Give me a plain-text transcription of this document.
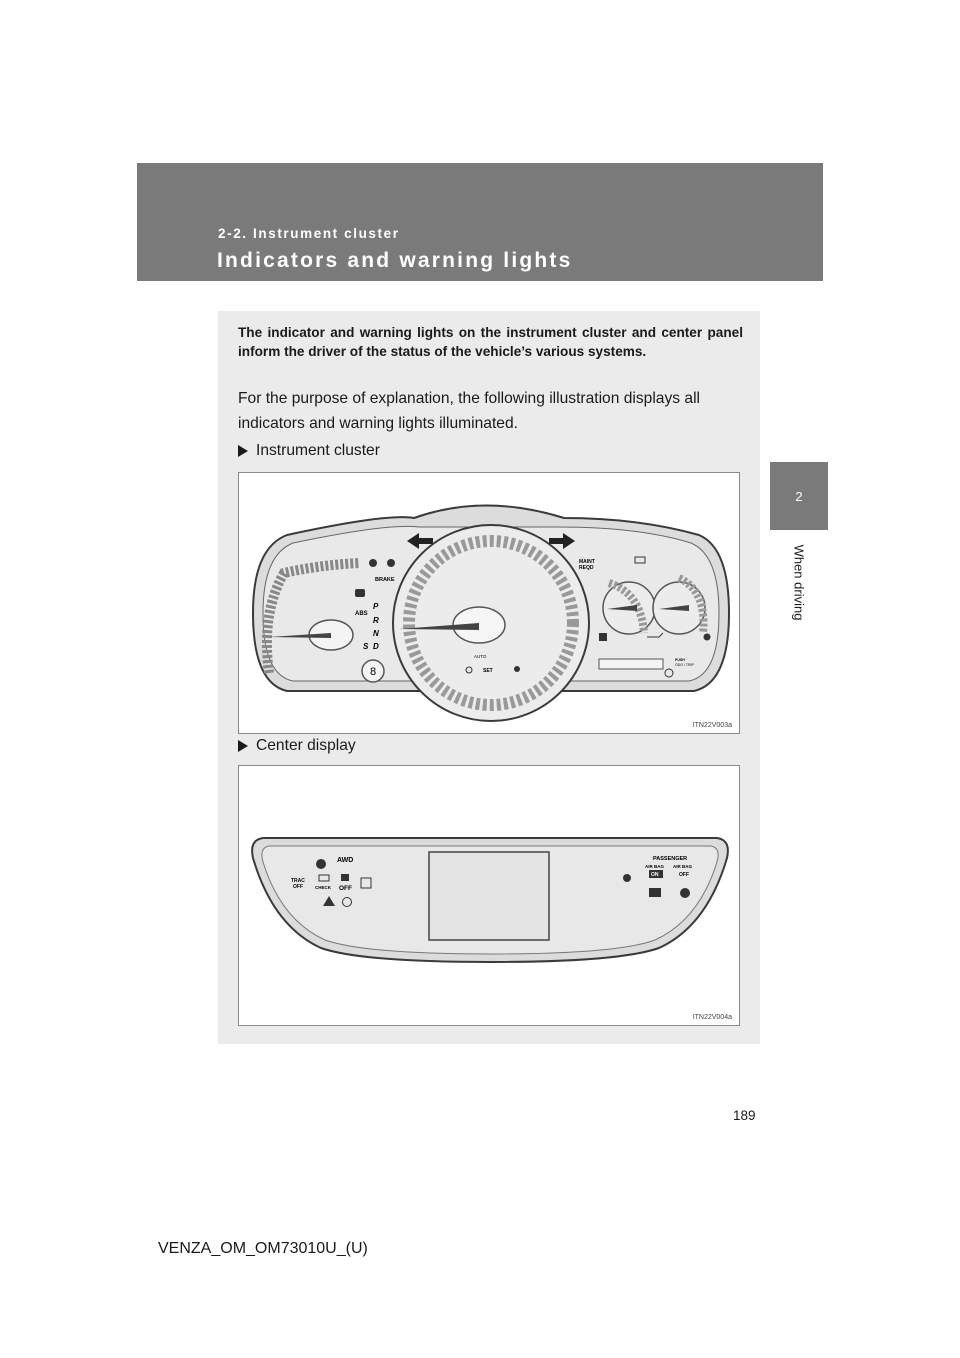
2-2. Instrument cluster
Indicators and warning lights
2
When driving
The indicator and warning lights on the instrument cluster and center panel inform the driver of the status of the vehicle’s various systems.
For the purpose of explanation, the following illustration displays all indicators and warning lights illuminated.
Instrument cluster
8
BRAKE
ABS
P
R
N
D
S
AUTO
SET
MAINT
REQD
PUSH
ODO / TRIP
ITN22V003a
Center display
AWD
TRAC
OFF	CHECK OFF
PASSENGER
AIR BAG
ON
AIR BAG
OFF
ITN22V004a
189
VENZA_OM_OM73010U_(U)
